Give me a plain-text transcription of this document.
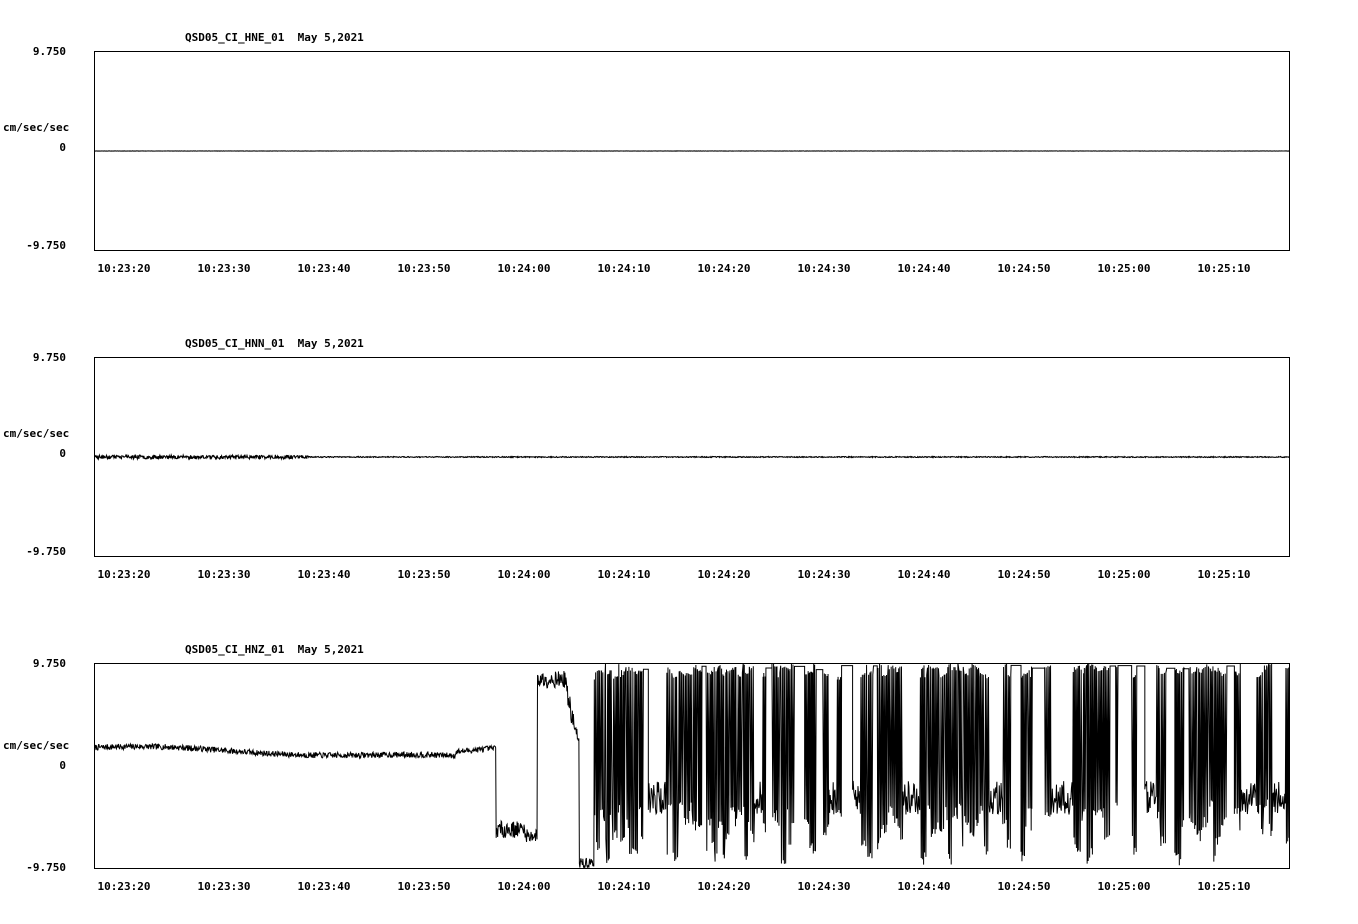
QSD05_CI_HNE_01  May 5,2021
cm/sec/sec
9.750
0
-9.750
10:23:20	10:23:30	10:23:40	10:23:50	10:24:00	10:24:10	10:24:20	10:24:30	10:24:40	10:24:50	10:25:00	10:25:10
QSD05_CI_HNN_01  May 5,2021
cm/sec/sec
9.750
0
-9.750
10:23:20	10:23:30	10:23:40	10:23:50	10:24:00	10:24:10	10:24:20	10:24:30	10:24:40	10:24:50	10:25:00	10:25:10
QSD05_CI_HNZ_01  May 5,2021
cm/sec/sec
9.750
0
-9.750
10:23:20	10:23:30	10:23:40	10:23:50	10:24:00	10:24:10	10:24:20	10:24:30	10:24:40	10:24:50	10:25:00	10:25:10
